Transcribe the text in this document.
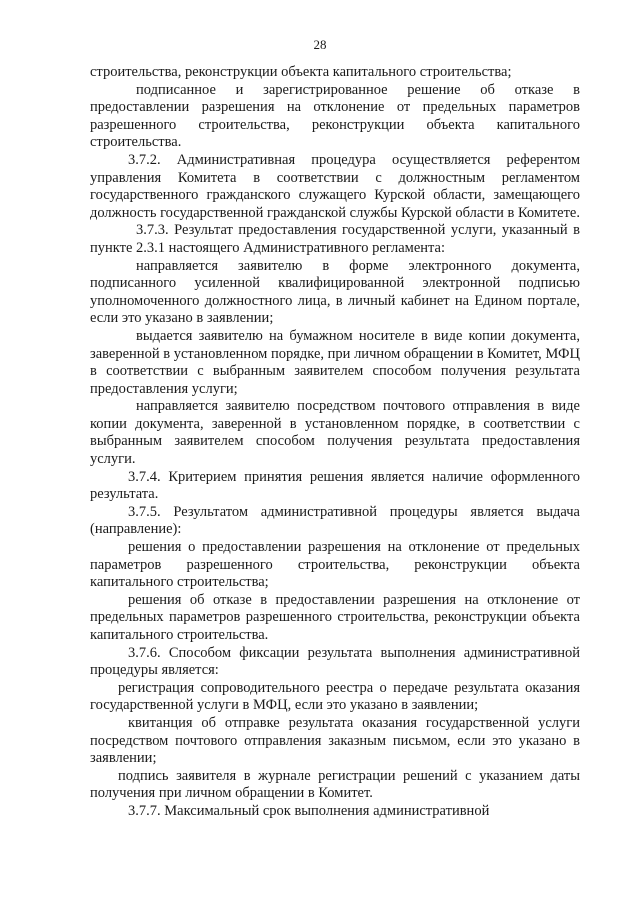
28

строительства, реконструкции объекта капитального строительства;

подписанное и зарегистрированное решение об отказе в предоставлении разрешения на отклонение от предельных параметров разрешенного строительства, реконструкции объекта капитального строительства.

3.7.2. Административная процедура осуществляется референтом управления Комитета в соответствии с должностным регламентом государственного гражданского служащего Курской области, замещающего должность государственной гражданской службы Курской области в Комитете.

3.7.3. Результат предоставления государственной услуги, указанный в пункте 2.3.1 настоящего Административного регламента:

направляется заявителю в форме электронного документа, подписанного усиленной квалифицированной электронной подписью уполномоченного должностного лица, в личный кабинет на Едином портале, если это указано в заявлении;

выдается заявителю на бумажном носителе в виде копии документа, заверенной в установленном порядке, при личном обращении в Комитет, МФЦ в соответствии с выбранным заявителем способом получения результата предоставления услуги;

направляется заявителю посредством почтового отправления в виде копии документа, заверенной в установленном порядке, в соответствии с выбранным заявителем способом получения результата предоставления услуги.

3.7.4. Критерием принятия решения является наличие оформленного результата.

3.7.5. Результатом административной процедуры является выдача (направление):

решения о предоставлении разрешения на отклонение от предельных параметров разрешенного строительства, реконструкции объекта капитального строительства;

решения об отказе в предоставлении разрешения на отклонение от предельных параметров разрешенного строительства, реконструкции объекта капитального строительства.

3.7.6. Способом фиксации результата выполнения административной процедуры является:

регистрация сопроводительного реестра о передаче результата оказания государственной услуги в МФЦ, если это указано в заявлении;

квитанция об отправке результата оказания государственной услуги посредством почтового отправления заказным письмом, если это указано в заявлении;

подпись заявителя в журнале регистрации решений с указанием даты получения при личном обращении в Комитет.

3.7.7. Максимальный срок выполнения административной
